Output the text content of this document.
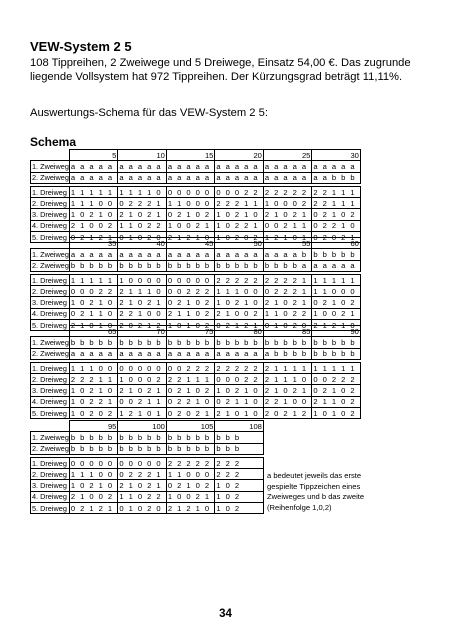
VEW-System 2 5
108 Tippreihen, 2 Zweiwege und 5 Dreiwege, Einsatz 54,00 €. Das zugrunde liegende Vollsystem hat 972 Tippreihen. Der Kürzungsgrad beträgt 11,11%.
Auswertungs-Schema für das VEW-System 2 5:
Schema
	5	10	15	20	25	30
1. Zweiweg	a a a a a	a a a a a	a a a a a	a a a a a	a a a a a	a a a a a
2. Zweiweg	a a a a a	a a a a a	a a a a a	a a a a a	a a a a a	a a b b b

1. Dreiweg	1 1 1 1 1	1 1 1 1 0	0 0 0 0 0	0 0 0 2 2	2 2 2 2 2	2 2 1 1 1
2. Dreiweg	1 1 1 0 0	0 2 2 2 1	1 1 0 0 0	2 2 2 1 1	1 0 0 0 2	2 2 1 1 1
3. Dreiweg	1 0 2 1 0	2 1 0 2 1	0 2 1 0 2	1 0 2 1 0	2 1 0 2 1	0 2 1 0 2
4. Dreiweg	2 1 0 0 2	1 1 0 2 2	1 0 0 2 1	1 0 2 2 1	0 0 2 1 1	0 2 2 1 0
5. Dreiweg	0 2 1 2 1	0 1 0 2 0	2 1 2 1 0	1 0 2 0 2	1 2 1 0 1	0 2 0 2 1
	35	40	45	50	55	60
1. Zweiweg	a a a a a	a a a a a	a a a a a	a a a a a	a a a a b	b b b b b
2. Zweiweg	b b b b b	b b b b b	b b b b b	b b b b b	b b b b a	a a a a a

1. Dreiweg	1 1 1 1 1	1 0 0 0 0	0 0 0 0 0	2 2 2 2 2	2 2 2 2 1	1 1 1 1 1
2. Dreiweg	0 0 0 2 2	2 1 1 1 0	0 0 2 2 2	1 1 1 0 0	0 2 2 2 1	1 1 0 0 0
3. Dreiweg	1 0 2 1 0	2 1 0 2 1	0 2 1 0 2	1 0 2 1 0	2 1 0 2 1	0 2 1 0 2
4. Dreiweg	0 2 1 1 0	2 2 1 0 0	2 1 1 0 2	2 1 0 0 2	1 1 0 2 2	1 0 0 2 1
5. Dreiweg	2 1 0 1 0	2 0 2 1 2	1 0 1 0 2	0 2 1 2 1	0 1 0 2 0	2 1 2 1 0
	65	70	75	80	85	90
1. Zweiweg	b b b b b	b b b b b	b b b b b	b b b b b	b b b b b	b b b b b
2. Zweiweg	a a a a a	a a a a a	a a a a a	a a a a a	a b b b b	b b b b b

1. Dreiweg	1 1 1 0 0	0 0 0 0 0	0 0 2 2 2	2 2 2 2 2	2 1 1 1 1	1 1 1 1 1
2. Dreiweg	2 2 2 1 1	1 0 0 0 2	2 2 1 1 1	0 0 0 2 2	2 1 1 1 0	0 0 2 2 2
3. Dreiweg	1 0 2 1 0	2 1 0 2 1	0 2 1 0 2	1 0 2 1 0	2 1 0 2 1	0 2 1 0 2
4. Dreiweg	1 0 2 2 1	0 0 2 1 1	0 2 2 1 0	0 2 1 1 0	2 2 1 0 0	2 1 1 0 2
5. Dreiweg	1 0 2 0 2	1 2 1 0 1	0 2 0 2 1	2 1 0 1 0	2 0 2 1 2	1 0 1 0 2
	95	100	105	108
1. Zweiweg	b b b b b	b b b b b	b b b b b	b b b
2. Zweiweg	b b b b b	b b b b b	b b b b b	b b b

1. Dreiweg	0 0 0 0 0	0 0 0 0 0	2 2 2 2 2	2 2 2
2. Dreiweg	1 1 1 0 0	0 2 2 2 1	1 1 0 0 0	2 2 2
3. Dreiweg	1 0 2 1 0	2 1 0 2 1	0 2 1 0 2	1 0 2
4. Dreiweg	2 1 0 0 2	1 1 0 2 2	1 0 0 2 1	1 0 2
5. Dreiweg	0 2 1 2 1	0 1 0 2 0	2 1 2 1 0	1 0 2
a bedeutet jeweils das erste gespielte Tippzeichen eines Zweiweges und b das zweite (Reihenfolge 1,0,2)
34
